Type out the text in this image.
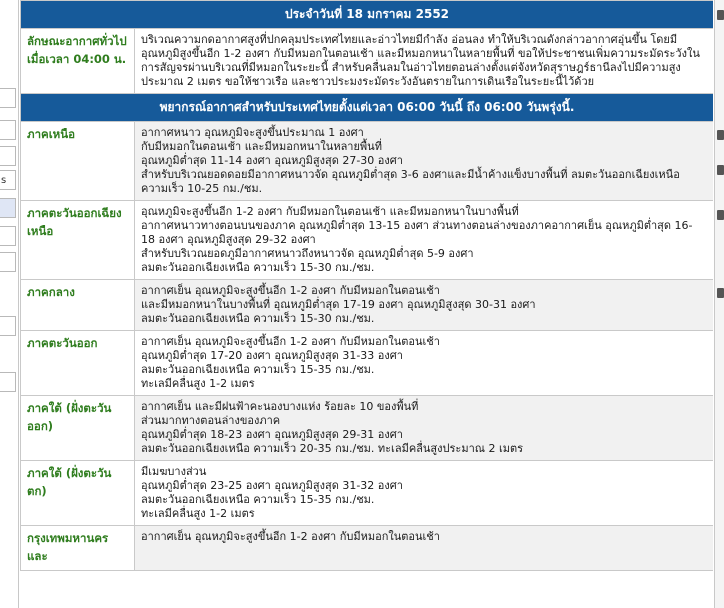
s
ประจำวันที่ 18 มกราคม 2552	
ลักษณะอากาศทั่วไปเมื่อเวลา 04:00 น.	บริเวณความกดอากาศสูงที่ปกคลุมประเทศไทยและอ่าวไทยมีกำลัง อ่อนลง ทำให้บริเวณดังกล่าวอากาศอุ่นขึ้น โดยมี อุณหภูมิสูงขึ้นอีก 1-2 องศา กับมีหมอกในตอนเช้า และมีหมอกหนาในหลายพื้นที่ ขอให้ประชาชนเพิ่มความระมัดระวังใน การสัญจรผ่านบริเวณที่มีหมอกในระยะนี้ สำหรับคลื่นลมในอ่าวไทยตอนล่างตั้งแต่จังหวัดสุราษฎร์ธานีลงไปมีความสูง ประมาณ 2 เมตร ขอให้ชาวเรือ และชาวประมงระมัดระวังอันตรายในการเดินเรือในระยะนี้ไว้ด้วย
พยากรณ์อากาศสำหรับประเทศไทยตั้งแต่เวลา 06:00 วันนี้ ถึง 06:00 วันพรุ่งนี้.	
ภาคเหนือ	อากาศหนาว อุณหภูมิจะสูงขึ้นประมาณ 1 องศา
กับมีหมอกในตอนเช้า และมีหมอกหนาในหลายพื้นที่
อุณหภูมิต่ำสุด 11-14 องศา อุณหภูมิสูงสุด 27-30 องศา
สำหรับบริเวณยอดดอยมีอากาศหนาวจัด อุณหภูมิต่ำสุด 3-6 องศาและมีน้ำค้างแข็งบางพื้นที่ ลมตะวันออกเฉียงเหนือ
ความเร็ว 10-25 กม./ชม.

ภาคตะวันออกเฉียงเหนือ	อุณหภูมิจะสูงขึ้นอีก 1-2 องศา กับมีหมอกในตอนเช้า และมีหมอกหนาในบางพื้นที่
อากาศหนาวทางตอนบนของภาค อุณหภูมิต่ำสุด 13-15 องศา ส่วนทางตอนล่างของภาคอากาศเย็น อุณหภูมิต่ำสุด 16-
18 องศา อุณหภูมิสูงสุด 29-32 องศา
สำหรับบริเวณยอดภูมีอากาศหนาวถึงหนาวจัด อุณหภูมิต่ำสุด 5-9 องศา
ลมตะวันออกเฉียงเหนือ ความเร็ว 15-30 กม./ชม.

ภาคกลาง	อากาศเย็น อุณหภูมิจะสูงขึ้นอีก 1-2 องศา กับมีหมอกในตอนเช้า
และมีหมอกหนาในบางพื้นที่ อุณหภูมิต่ำสุด 17-19 องศา อุณหภูมิสูงสุด 30-31 องศา
ลมตะวันออกเฉียงเหนือ ความเร็ว 15-30 กม./ชม.

ภาคตะวันออก	อากาศเย็น อุณหภูมิจะสูงขึ้นอีก 1-2 องศา กับมีหมอกในตอนเช้า
อุณหภูมิต่ำสุด 17-20 องศา อุณหภูมิสูงสุด 31-33 องศา
ลมตะวันออกเฉียงเหนือ ความเร็ว 15-35 กม./ชม.
ทะเลมีคลื่นสูง 1-2 เมตร

ภาคใต้ (ฝั่งตะวันออก)	อากาศเย็น และมีฝนฟ้าคะนองบางแห่ง ร้อยละ 10 ของพื้นที่
ส่วนมากทางตอนล่างของภาค
อุณหภูมิต่ำสุด 18-23 องศา อุณหภูมิสูงสุด 29-31 องศา
ลมตะวันออกเฉียงเหนือ ความเร็ว 20-35 กม./ชม. ทะเลมีคลื่นสูงประมาณ 2 เมตร

ภาคใต้ (ฝั่งตะวันตก)	มีเมฆบางส่วน
อุณหภูมิต่ำสุด 23-25 องศา อุณหภูมิสูงสุด 31-32 องศา
ลมตะวันออกเฉียงเหนือ ความเร็ว 15-35 กม./ชม.
ทะเลมีคลื่นสูง 1-2 เมตร

กรุงเทพมหานครและ	อากาศเย็น อุณหภูมิจะสูงขึ้นอีก 1-2 องศา กับมีหมอกในตอนเช้า
